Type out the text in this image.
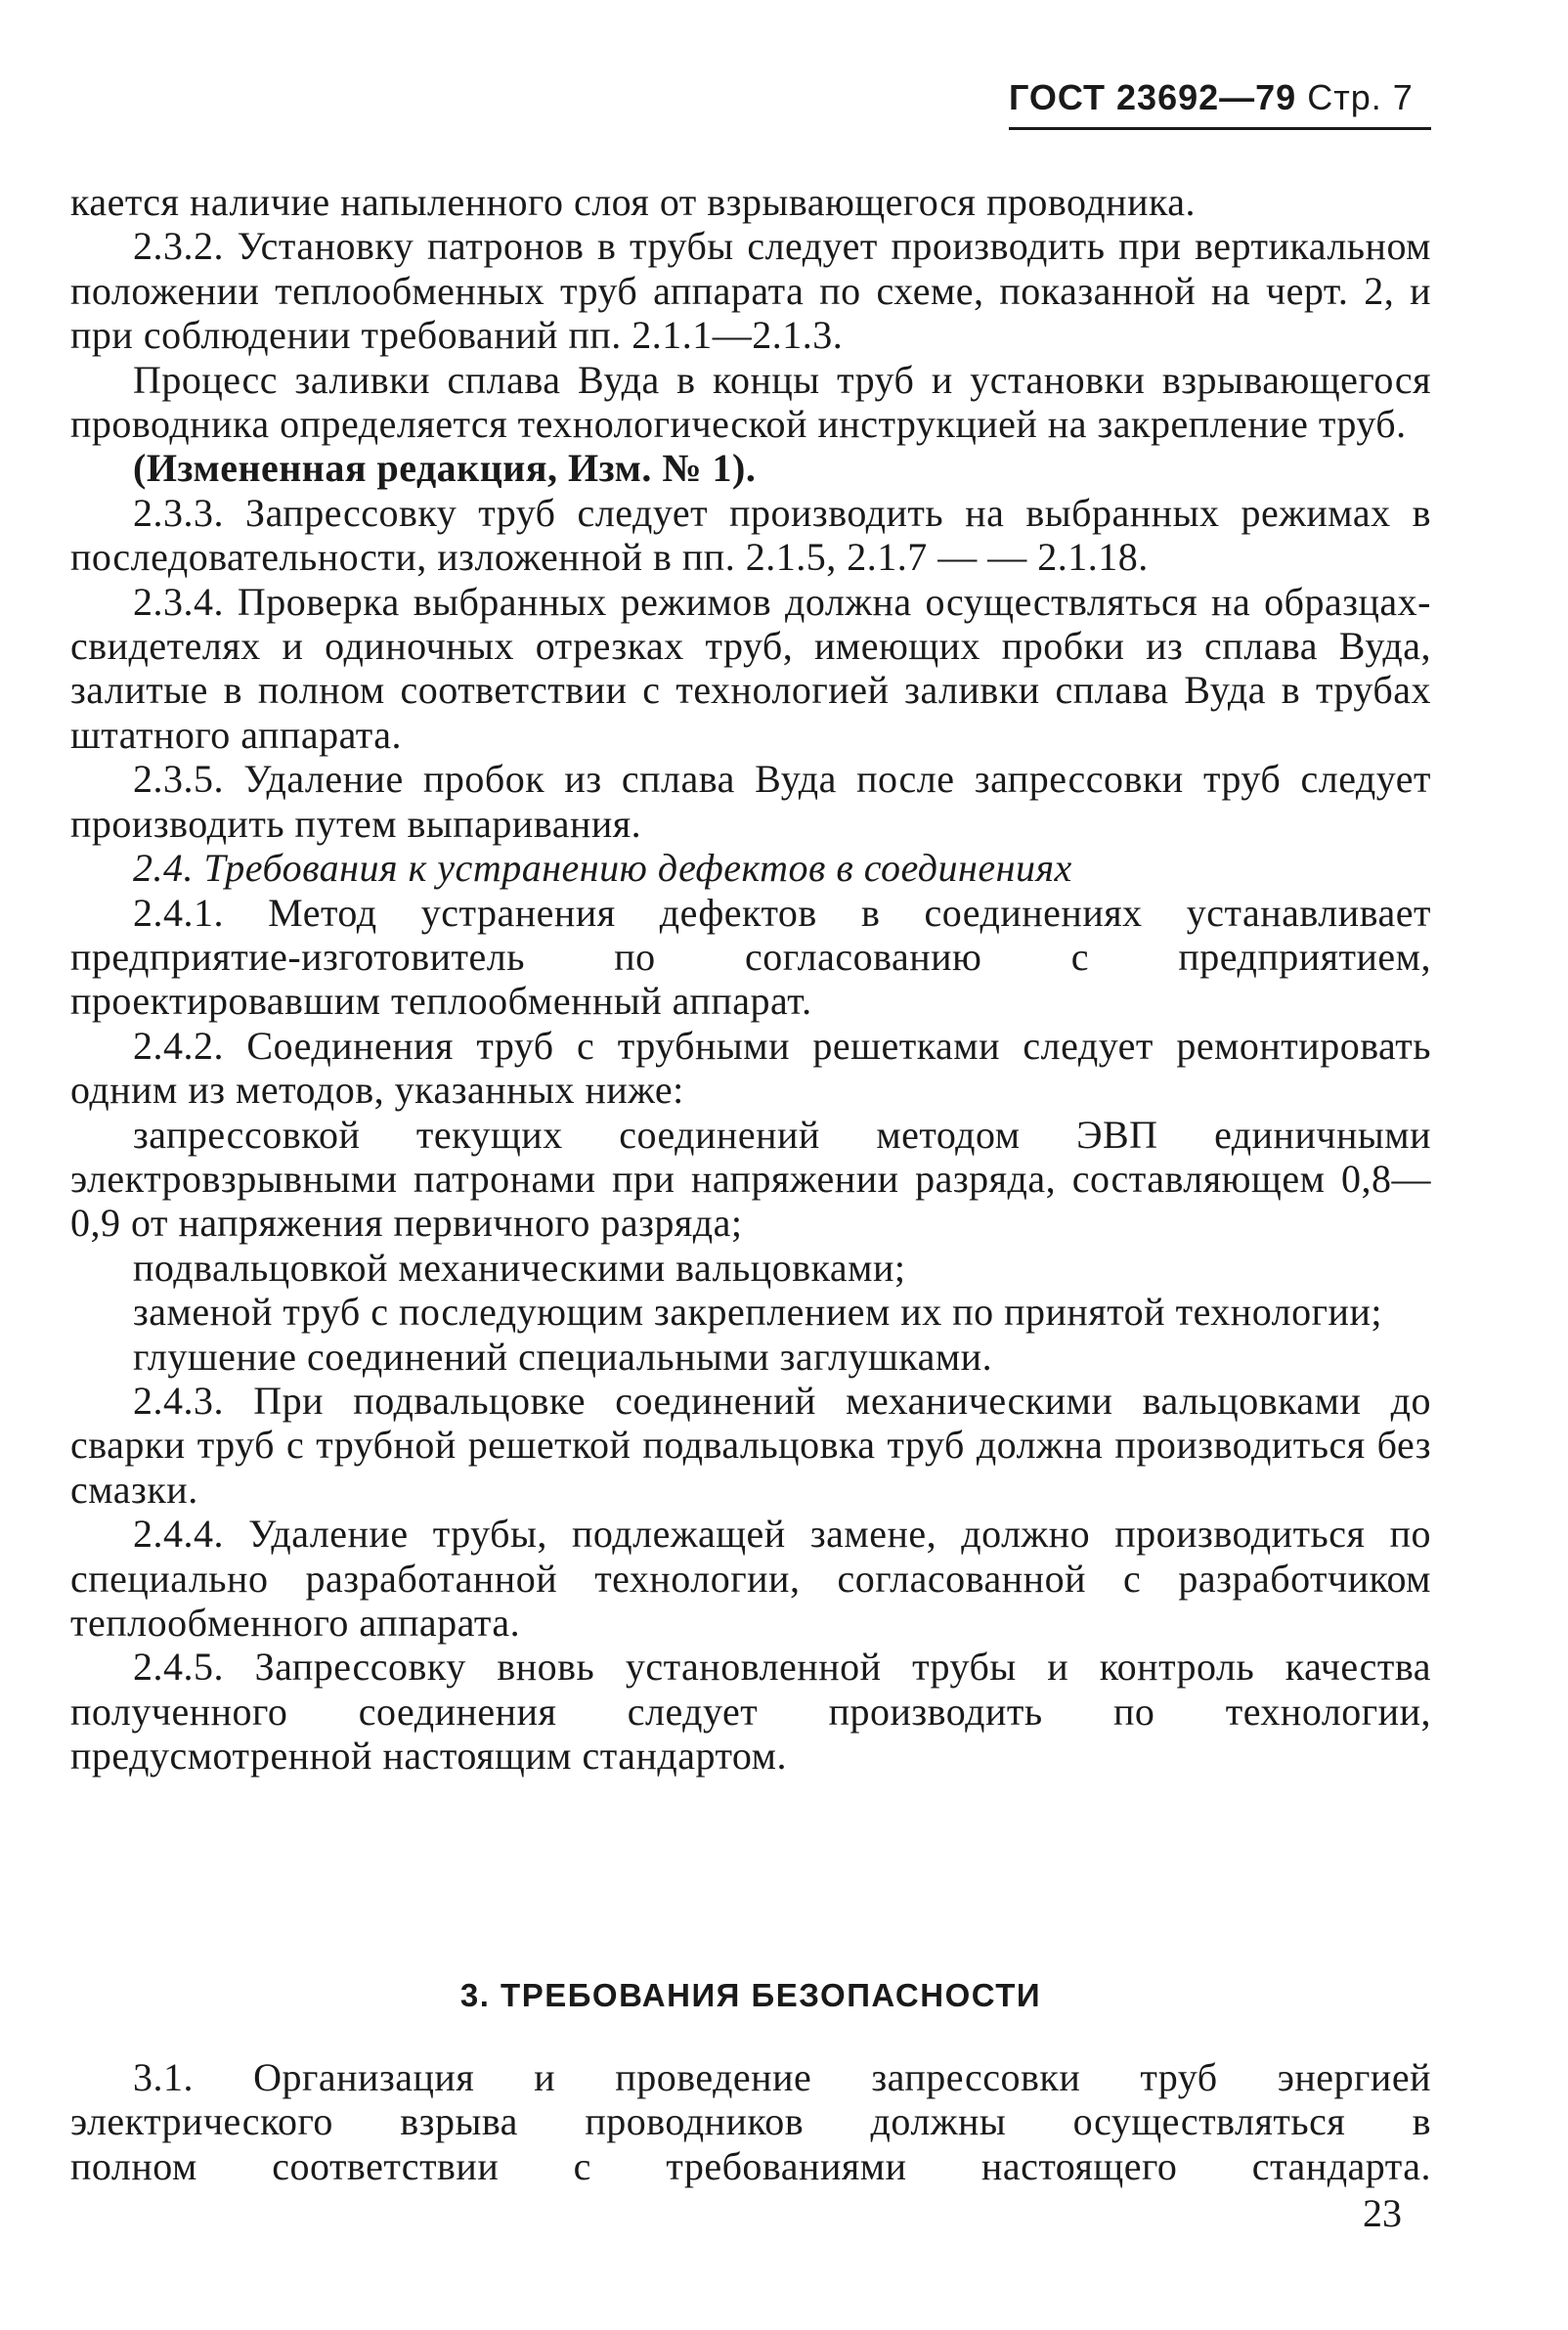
ГОСТ 23692—79 Стр. 7

кается наличие напыленного слоя от взрывающегося проводника.

2.3.2. Установку патронов в трубы следует производить при вертикальном положении теплообменных труб аппарата по схеме, показанной на черт. 2, и при соблюдении требований пп. 2.1.1—2.1.3.

Процесс заливки сплава Вуда в концы труб и установки взрывающегося проводника определяется технологической инструкцией на закрепление труб.

(Измененная редакция, Изм. № 1).

2.3.3. Запрессовку труб следует производить на выбранных режимах в последовательности, изложенной в пп. 2.1.5, 2.1.7 — — 2.1.18.

2.3.4. Проверка выбранных режимов должна осуществляться на образцах-свидетелях и одиночных отрезках труб, имеющих пробки из сплава Вуда, залитые в полном соответствии с технологией заливки сплава Вуда в трубах штатного аппарата.

2.3.5. Удаление пробок из сплава Вуда после запрессовки труб следует производить путем выпаривания.

2.4. Требования к устранению дефектов в соединениях

2.4.1. Метод устранения дефектов в соединениях устанавливает предприятие-изготовитель по согласованию с предприятием, проектировавшим теплообменный аппарат.

2.4.2. Соединения труб с трубными решетками следует ремонтировать одним из методов, указанных ниже:

запрессовкой текущих соединений методом ЭВП единичными электровзрывными патронами при напряжении разряда, составляющем 0,8—0,9 от напряжения первичного разряда;

подвальцовкой механическими вальцовками;

заменой труб с последующим закреплением их по принятой технологии;

глушение соединений специальными заглушками.

2.4.3. При подвальцовке соединений механическими вальцовками до сварки труб с трубной решеткой подвальцовка труб должна производиться без смазки.

2.4.4. Удаление трубы, подлежащей замене, должно производиться по специально разработанной технологии, согласованной с разработчиком теплообменного аппарата.

2.4.5. Запрессовку вновь установленной трубы и контроль качества полученного соединения следует производить по технологии, предусмотренной настоящим стандартом.

3. ТРЕБОВАНИЯ БЕЗОПАСНОСТИ
3.1. Организация и проведение запрессовки труб энергией
электрического взрыва проводников должны осуществляться в
полном соответствии с требованиями настоящего стандарта.
23
